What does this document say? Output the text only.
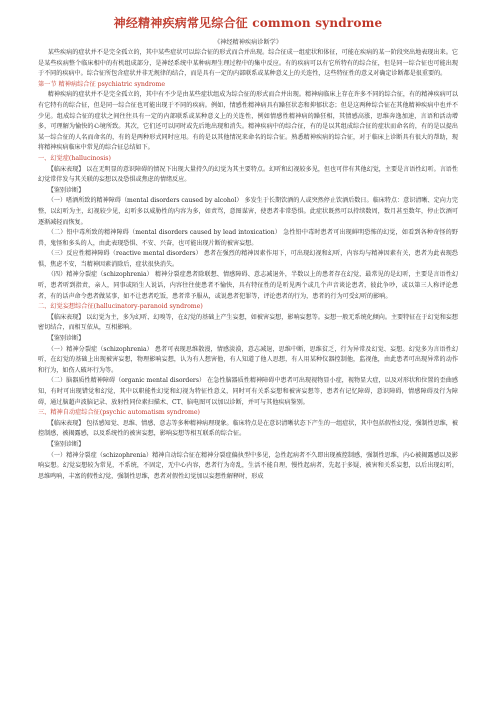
神经精神疾病常见综合征 common syndrome

《神经精神疾病诊断学》

某些疾病的症状并不是完全孤立的，其中某些症状可以综合征的形式而合并出现。综合征成一组症状和体征，可能在疾病的某一阶段突出地表现出来。它是某些疾病整个临床相中的有机组成部分，是神经系统中某种病理生理过程中的集中反应。有的疾病可以有它所特有的综合征，但是同一综合征也可能出现于不同的疾病中。综合征所包含症状并非无规律的结合，而是具有一定的内部联系或某种意义上的关连性，这些特征性的意义对确定诊断都是很重要的。

第一节 精神病综合征 psychiatric syndrome

精神疾病的症状并不是完全孤立的，其中有不少是由某些症状组成为综合征的形式而合并出现。精神病临床上存在许多不同的综合征，有的精神疾病可以有它特有的综合征，但是同一综合征也可能出现于不同的疾病。例如，情感性精神病具有躁狂状态和抑郁状态；但是这两种综合征在其他精神疾病中也并不少见。组成综合征的症状之间往往具有一定的内部联系或某种意义上的关连性，例如情感性精神病的躁狂相，其情感高涨，思维奔逸加速，言语和活动增多，可理解为愉快的心境所致。其次，它们还可以同时或先后地出现和消失。精神疾病中的综合征，有的是以其组成综合征的症状而命名的，有的是以提出某一综合征的人名而命名的，有的是两种形式同时应用。有的是以其他情况来命名的综合征。熟悉精神疾病的综合征，对于临床上诊断具有很大的帮助，现将精神疾病临床中常见的综合征总结如下。

一、幻觉症(hallucinosis)

【临床表现】 以在无明显的意识障碍的情况下出现大量持久的幻觉为其主要特点。幻听和幻视较多见，但也可伴有其他幻觉，主要是言语性幻听。言语性幻觉常伴发与其关联的妄想以及恐惧或焦虑的情绪反应。

【鉴别诊断】

（一）嗜酒所致的精神障碍（mental disorders caused by alcohol） 多发生于长期饮酒的人或突然停止饮酒后数日。临床特点：意识清晰、定向力完整，以幻听为主，幻视较少见，幻听多以威胁性的内容为多，如责骂，意图谋害，使患者非常恐惧。此症状既然可以持续数周，数月甚至数年，停止饮酒可逐渐减轻而恢复。

（二）铅中毒所致的精神障碍（mental disorders caused by lead intoxication） 急性铅中毒时患者可出现鲜明恐怖的幻觉，如看到各种奇怪的野兽，鬼怪和多头的人，由此表现恐惧、不安、兴奋，也可能出现片断的被害妄想。

（三）反应性精神障碍（reactive mental disorders） 患者在强烈的精神因素作用下，可出现幻视和幻听，内容均与精神因素有关，患者为此表现恐惧，焦虑不安，当精神因素消除后，症状很快消失。

（四）精神分裂症（schizophrenia） 精神分裂症患者除联想、情感障碍、意志减退外，半数以上的患者存在幻觉，最常见的是幻听，主要是言语性幻听，患者听到指责，亲人，同事或陌生人说话，内容往往使患者不愉快，具有特征性的是听见两个或几个声音谈论患者，彼此争吵，或以第三人称评论患者，有的话声命令患者做某事，如不让患者吃饭，患者常予服从，或说患者犯罪等，评论患者的行为，患者的行为可受幻听的影响。

二、幻觉妄想综合征(hallucinatory-paranoid syndrome)

【临床表现】 以幻觉为主，多为幻听、幻嗅等，在幻觉的基础上产生妄想，如被害妄想，影响妄想等。妄想一般无系统化倾向。主要特征在于幻觉和妄想密切结合，而相互依从，互相影响。

【鉴别诊断】

（一）精神分裂症（schizophrenia） 患者可表现思维散漫，情感淡漠，意志减退，思维中断，思维贫乏，行为异常及幻觉、妄想。幻觉多为言语性幻听，在幻觉的基础上出现被害妄想，物理影响妄想，认为有人想害他，有人知道了他人思想，有人用某种仪器控制他，监视他，由此患者可出现异常的动作和行为，如伤人破坏行为等。

（二）脑器质性精神障碍（organic mental disorders） 在急性脑器质性精神障碍中患者可出现视物显小症，视物显大症，以及对形状和位置的歪曲感知，有时可出现错觉和幻觉，其中以职能性幻觉和幻视为特征性意义，同时可有关系妄想和被害妄想等，患者有记忆障碍，意识障碍，情感障碍及行为障碍，通过脑超声波脑记录、放射性同位素扫描术、CT、脑电图可以加以诊断，并可与其他疾病鉴别。

三、精神自动症综合征(psychic automatism syndrome)

【临床表现】 包括感知觉、思维、情感、意志等多种精神病理现象。临床特点是在意识清晰状态下产生的一组症状，其中包括假性幻觉，强制性思维，被控制感，被揭露感，以及系统性的被害妄想，影响妄想等相互联系的综合征。

【鉴别诊断】

（一）精神分裂症（schizophrenia）精神自动综合征在精神分裂症偏执型中多见，急性起病者不久即出现被控制感，强制性思维，内心被揭露感以及影响妄想。幻觉妄想较为常见，不系统，不固定，无中心内容，患者行为奇乱，生活不能自理，慢性起病者，先起于多疑，被害和关系妄想，以后出现幻听，思维鸣响，丰富的假性幻觉，强制性思维，患者对假性幻觉加以妄想性解释时，形成
